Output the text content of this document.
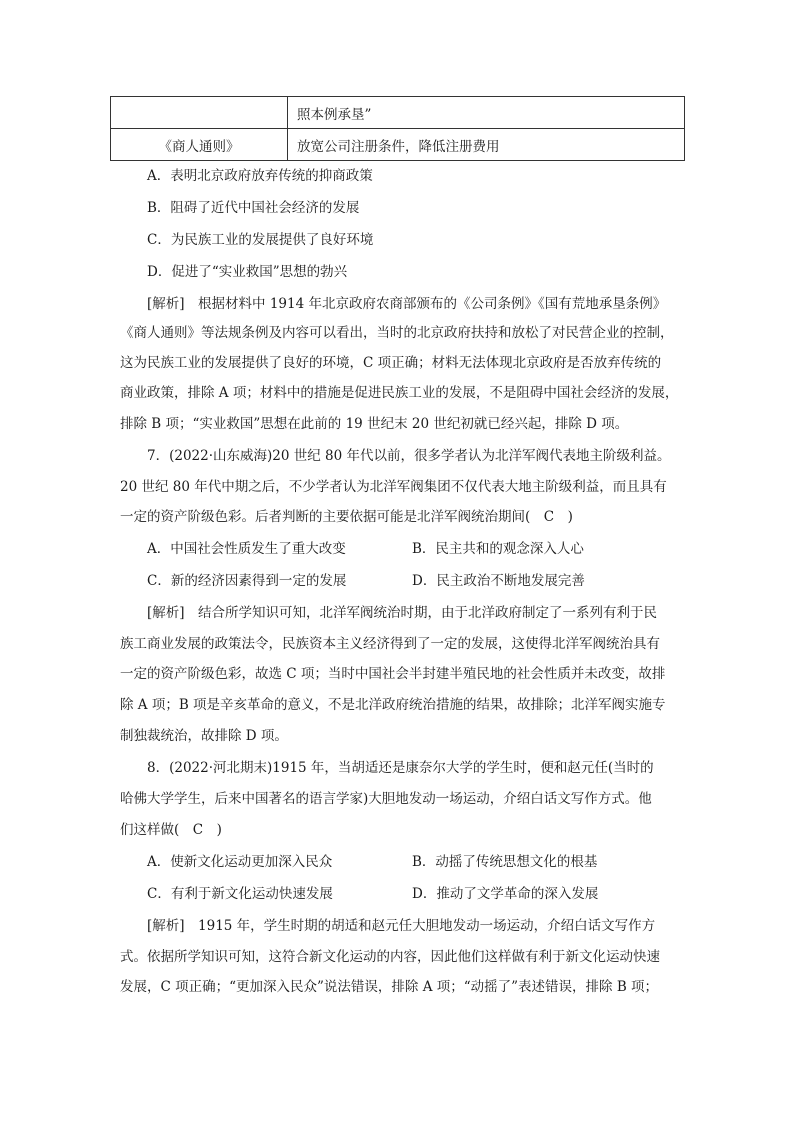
	照本例承垦”
《商人通则》	放宽公司注册条件，降低注册费用
A．表明北京政府放弃传统的抑商政策
B．阻碍了近代中国社会经济的发展
C．为民族工业的发展提供了良好环境
D．促进了“实业救国”思想的勃兴
[解析]　根据材料中 1914 年北京政府农商部颁布的《公司条例》《国有荒地承垦条例》
《商人通则》等法规条例及内容可以看出，当时的北京政府扶持和放松了对民营企业的控制，
这为民族工业的发展提供了良好的环境，C 项正确；材料无法体现北京政府是否放弃传统的
商业政策，排除 A 项；材料中的措施是促进民族工业的发展，不是阻碍中国社会经济的发展，
排除 B 项；“实业救国”思想在此前的 19 世纪末 20 世纪初就已经兴起，排除 D 项。
7．(2022·山东威海)20 世纪 80 年代以前，很多学者认为北洋军阀代表地主阶级利益。
20 世纪 80 年代中期之后，不少学者认为北洋军阀集团不仅代表大地主阶级利益，而且具有
一定的资产阶级色彩。后者判断的主要依据可能是北洋军阀统治期间(　C　)
A．中国社会性质发生了重大改变	B．民主共和的观念深入人心
C．新的经济因素得到一定的发展	D．民主政治不断地发展完善
[解析]　结合所学知识可知，北洋军阀统治时期，由于北洋政府制定了一系列有利于民
族工商业发展的政策法令，民族资本主义经济得到了一定的发展，这使得北洋军阀统治具有
一定的资产阶级色彩，故选 C 项；当时中国社会半封建半殖民地的社会性质并未改变，故排
除 A 项；B 项是辛亥革命的意义，不是北洋政府统治措施的结果，故排除；北洋军阀实施专
制独裁统治，故排除 D 项。
8．(2022·河北期末)1915 年，当胡适还是康奈尔大学的学生时，便和赵元任(当时的
哈佛大学学生，后来中国著名的语言学家)大胆地发动一场运动，介绍白话文写作方式。他
们这样做(　C　)
A．使新文化运动更加深入民众	B．动摇了传统思想文化的根基
C．有利于新文化运动快速发展	D．推动了文学革命的深入发展
[解析]　1915 年，学生时期的胡适和赵元任大胆地发动一场运动，介绍白话文写作方
式。依据所学知识可知，这符合新文化运动的内容，因此他们这样做有利于新文化运动快速
发展，C 项正确；“更加深入民众”说法错误，排除 A 项；“动摇了”表述错误，排除 B 项；
